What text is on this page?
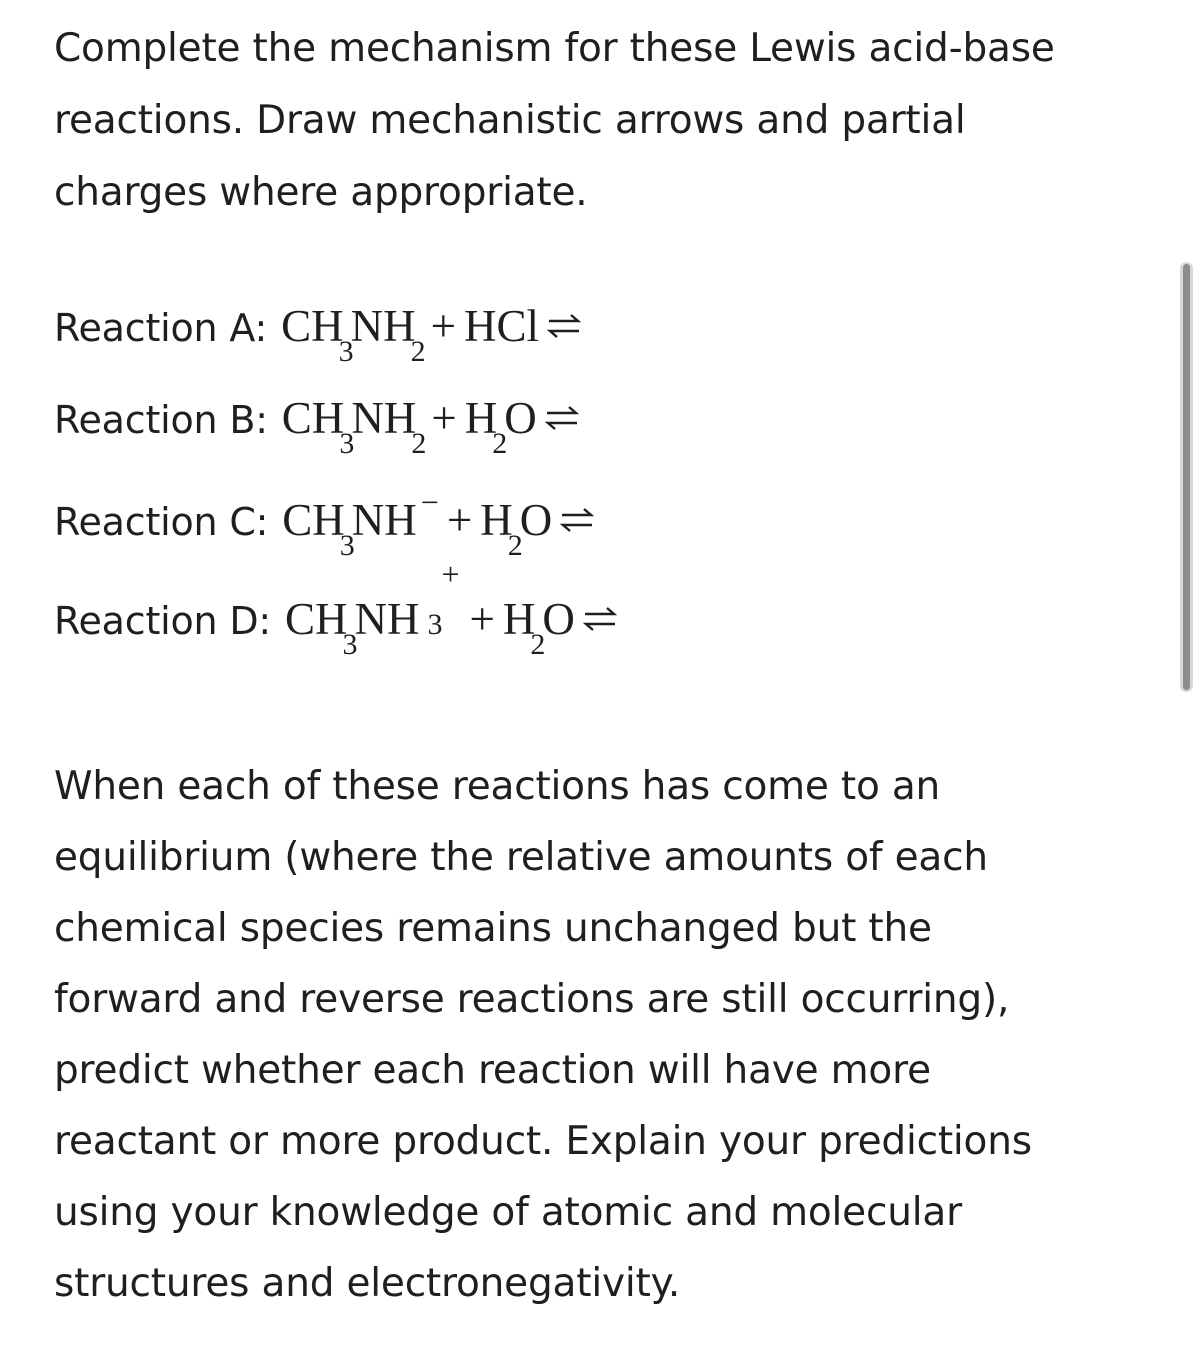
Complete the mechanism for these Lewis acid-base
reactions. Draw mechanistic arrows and partial
charges where appropriate.
Reaction A: CH
3
NH
2
+ HCl ⇌
Reaction B: CH
3
NH
2
+ H
2
O ⇌
Reaction C: CH
3
NH − + H
2
O ⇌
Reaction D: CH
3
NH 3
+
+ H
2
O ⇌
When each of these reactions has come to an
equilibrium (where the relative amounts of each
chemical species remains unchanged but the
forward and reverse reactions are still occurring),
predict whether each reaction will have more
reactant or more product. Explain your predictions
using your knowledge of atomic and molecular
structures and electronegativity.
